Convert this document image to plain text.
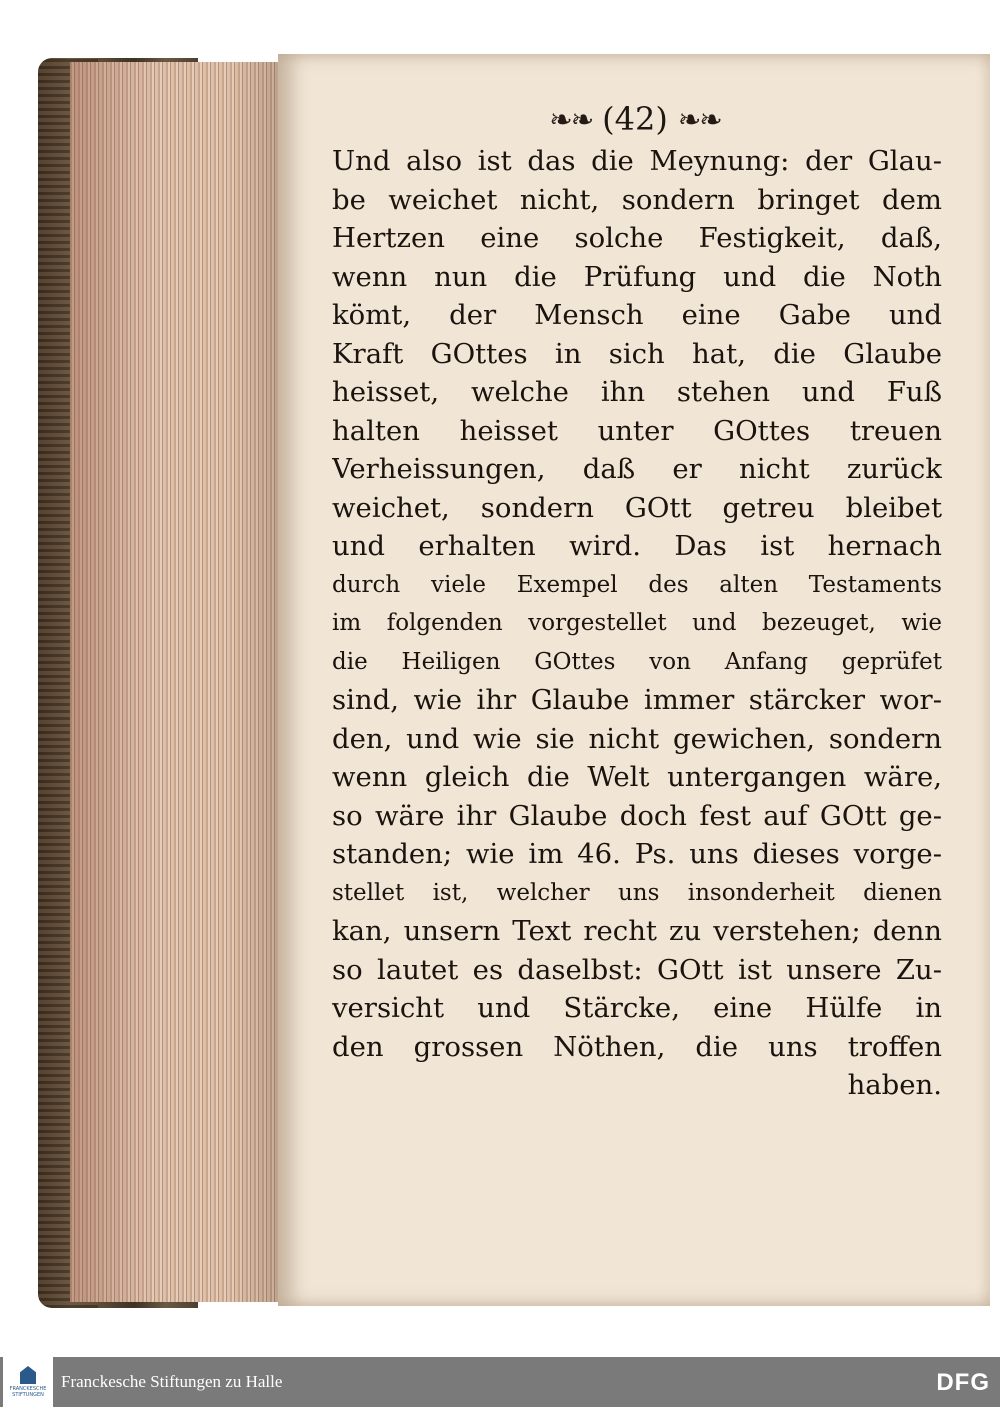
❧❧ (42) ❧❧
Und also ist das die Meynung: der Glau-
be weichet nicht, sondern bringet dem
Hertzen eine solche Festigkeit, daß,
wenn nun die Prüfung und die Noth
kömt, der Mensch eine Gabe und
Kraft GOttes in sich hat, die Glaube
heisset, welche ihn stehen und Fuß
halten heisset unter GOttes treuen
Verheissungen, daß er nicht zurück
weichet, sondern GOtt getreu bleibet
und erhalten wird. Das ist hernach
durch viele Exempel des alten Testaments
im folgenden vorgestellet und bezeuget, wie
die Heiligen GOttes von Anfang geprüfet
sind, wie ihr Glaube immer stärcker wor-
den, und wie sie nicht gewichen, sondern
wenn gleich die Welt untergangen wäre,
so wäre ihr Glaube doch fest auf GOtt ge-
standen; wie im 46. Ps. uns dieses vorge-
stellet ist, welcher uns insonderheit dienen
kan, unsern Text recht zu verstehen; denn
so lautet es daselbst: GOtt ist unsere Zu-
versicht und Stärcke, eine Hülfe in
den grossen Nöthen, die uns troffen
haben.
FRANCKESCHE STIFTUNGEN
Franckesche Stiftungen zu Halle	DFG
